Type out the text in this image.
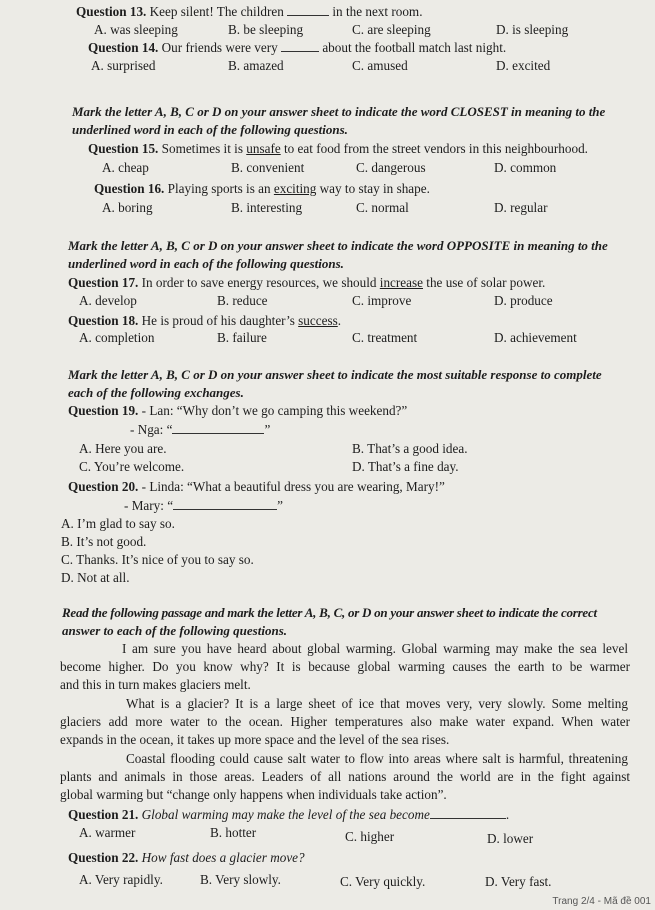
Question 13. Keep silent! The children	in the next room.
A. was sleeping	B. be sleeping	C. are sleeping	D. is sleeping
Question 14. Our friends were very	about the football match last night.
A. surprised	B. amazed	C. amused	D. excited
Mark the letter A, B, C or D on your answer sheet to indicate the word CLOSEST in meaning to the
underlined word in each of the following questions.
Question 15. Sometimes it is unsafe to eat food from the street vendors in this neighbourhood.
A. cheap	B. convenient	C. dangerous	D. common
Question 16. Playing sports is an exciting way to stay in shape.
A. boring	B. interesting	C. normal	D. regular
Mark the letter A, B, C or D on your answer sheet to indicate the word OPPOSITE in meaning to the
underlined word in each of the following questions.
Question 17. In order to save energy resources, we should increase the use of solar power.
A. develop	B. reduce	C. improve	D. produce
Question 18. He is proud of his daughter’s success.
A. completion	B. failure	C. treatment	D. achievement
Mark the letter A, B, C or D on your answer sheet to indicate the most suitable response to complete
each of the following exchanges.
Question 19. - Lan: “Why don’t we go camping this weekend?”
- Nga: “	”
A. Here you are.	B. That’s a good idea.
C. You’re welcome.	D. That’s a fine day.
Question 20. - Linda: “What a beautiful dress you are wearing, Mary!”
- Mary: “	”
A. I’m glad to say so.
B. It’s not good.
C. Thanks. It’s nice of you to say so.
D. Not at all.
Read the following passage and mark the letter A, B, C, or D on your answer sheet to indicate the correct
answer to each of the following questions.
I am sure you have heard about global warming. Global warming may make the sea level
become higher. Do you know why? It is because global warming causes the earth to be warmer
and this in turn makes glaciers melt.
What is a glacier? It is a large sheet of ice that moves very, very slowly. Some melting
glaciers add more water to the ocean. Higher temperatures also make water expand. When water
expands in the ocean, it takes up more space and the level of the sea rises.
Coastal flooding could cause salt water to flow into areas where salt is harmful, threatening
plants and animals in those areas. Leaders of all nations around the world are in the fight against
global warming but “change only happens when individuals take action”.
Question 21. Global warming may make the level of the sea become	.
A. warmer	B. hotter	C. higher	D. lower
Question 22. How fast does a glacier move?
A. Very rapidly.	B. Very slowly.	C. Very quickly.	D. Very fast.
Trang 2/4 - Mã đề 001
